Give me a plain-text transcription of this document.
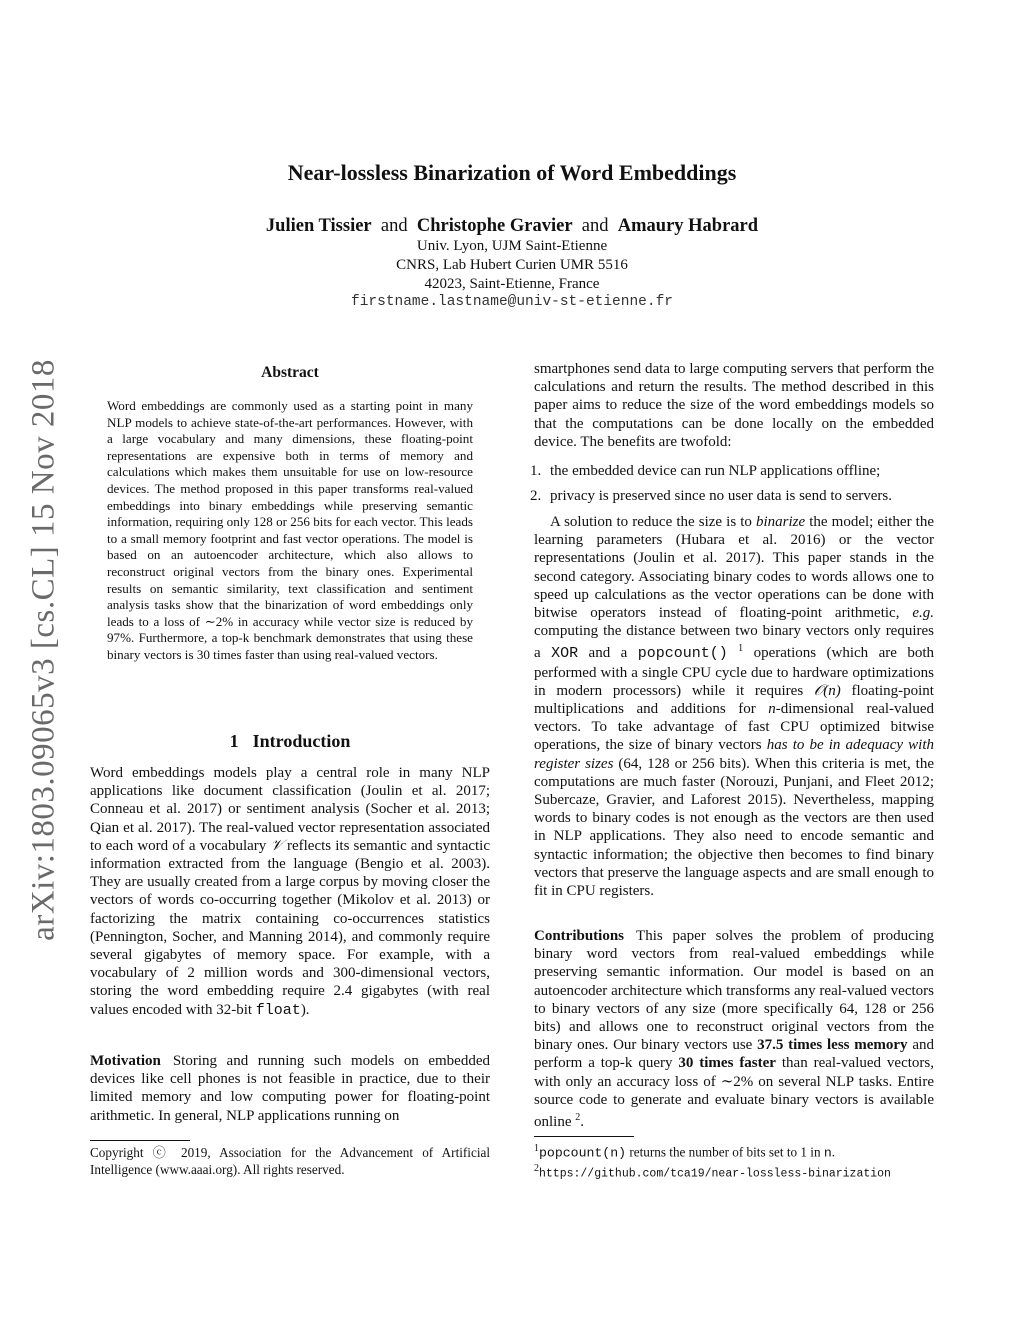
arXiv:1803.09065v3 [cs.CL] 15 Nov 2018
Near-lossless Binarization of Word Embeddings
Julien Tissier and Christophe Gravier and Amaury Habrard
Univ. Lyon, UJM Saint-Etienne
CNRS, Lab Hubert Curien UMR 5516
42023, Saint-Etienne, France
firstname.lastname@univ-st-etienne.fr
Abstract
Word embeddings are commonly used as a starting point in many NLP models to achieve state-of-the-art performances. However, with a large vocabulary and many dimensions, these floating-point representations are expensive both in terms of memory and calculations which makes them unsuitable for use on low-resource devices. The method proposed in this paper transforms real-valued embeddings into binary embeddings while preserving semantic information, requiring only 128 or 256 bits for each vector. This leads to a small memory footprint and fast vector operations. The model is based on an autoencoder architecture, which also allows to reconstruct original vectors from the binary ones. Experimental results on semantic similarity, text classification and sentiment analysis tasks show that the binarization of word embeddings only leads to a loss of ∼2% in accuracy while vector size is reduced by 97%. Furthermore, a top-k benchmark demonstrates that using these binary vectors is 30 times faster than using real-valued vectors.
1 Introduction
Word embeddings models play a central role in many NLP applications like document classification (Joulin et al. 2017; Conneau et al. 2017) or sentiment analysis (Socher et al. 2013; Qian et al. 2017). The real-valued vector representation associated to each word of a vocabulary 𝒱 reflects its semantic and syntactic information extracted from the language (Bengio et al. 2003). They are usually created from a large corpus by moving closer the vectors of words co-occurring together (Mikolov et al. 2013) or factorizing the matrix containing co-occurrences statistics (Pennington, Socher, and Manning 2014), and commonly require several gigabytes of memory space. For example, with a vocabulary of 2 million words and 300-dimensional vectors, storing the word embedding require 2.4 gigabytes (with real values encoded with 32-bit float).
Motivation Storing and running such models on embedded devices like cell phones is not feasible in practice, due to their limited memory and low computing power for floating-point arithmetic. In general, NLP applications running on
Copyright ⓒ 2019, Association for the Advancement of Artificial Intelligence (www.aaai.org). All rights reserved.
smartphones send data to large computing servers that perform the calculations and return the results. The method described in this paper aims to reduce the size of the word embeddings models so that the computations can be done locally on the embedded device. The benefits are twofold:
1. the embedded device can run NLP applications offline;
2. privacy is preserved since no user data is send to servers.
A solution to reduce the size is to binarize the model; either the learning parameters (Hubara et al. 2016) or the vector representations (Joulin et al. 2017). This paper stands in the second category. Associating binary codes to words allows one to speed up calculations as the vector operations can be done with bitwise operators instead of floating-point arithmetic, e.g. computing the distance between two binary vectors only requires a XOR and a popcount() $^1$ operations (which are both performed with a single CPU cycle due to hardware optimizations in modern processors) while it requires 𝒪(n) floating-point multiplications and additions for n-dimensional real-valued vectors. To take advantage of fast CPU optimized bitwise operations, the size of binary vectors has to be in adequacy with register sizes (64, 128 or 256 bits). When this criteria is met, the computations are much faster (Norouzi, Punjani, and Fleet 2012; Subercaze, Gravier, and Laforest 2015). Nevertheless, mapping words to binary codes is not enough as the vectors are then used in NLP applications. They also need to encode semantic and syntactic information; the objective then becomes to find binary vectors that preserve the language aspects and are small enough to fit in CPU registers.
Contributions This paper solves the problem of producing binary word vectors from real-valued embeddings while preserving semantic information. Our model is based on an autoencoder architecture which transforms any real-valued vectors to binary vectors of any size (more specifically 64, 128 or 256 bits) and allows one to reconstruct original vectors from the binary ones. Our binary vectors use 37.5 times less memory and perform a top-k query 30 times faster than real-valued vectors, with only an accuracy loss of ∼2% on several NLP tasks. Entire source code to generate and evaluate binary vectors is available online $^2$.
$^1$popcount(n) returns the number of bits set to 1 in n.
$^2$https://github.com/tca19/near-lossless-binarization
